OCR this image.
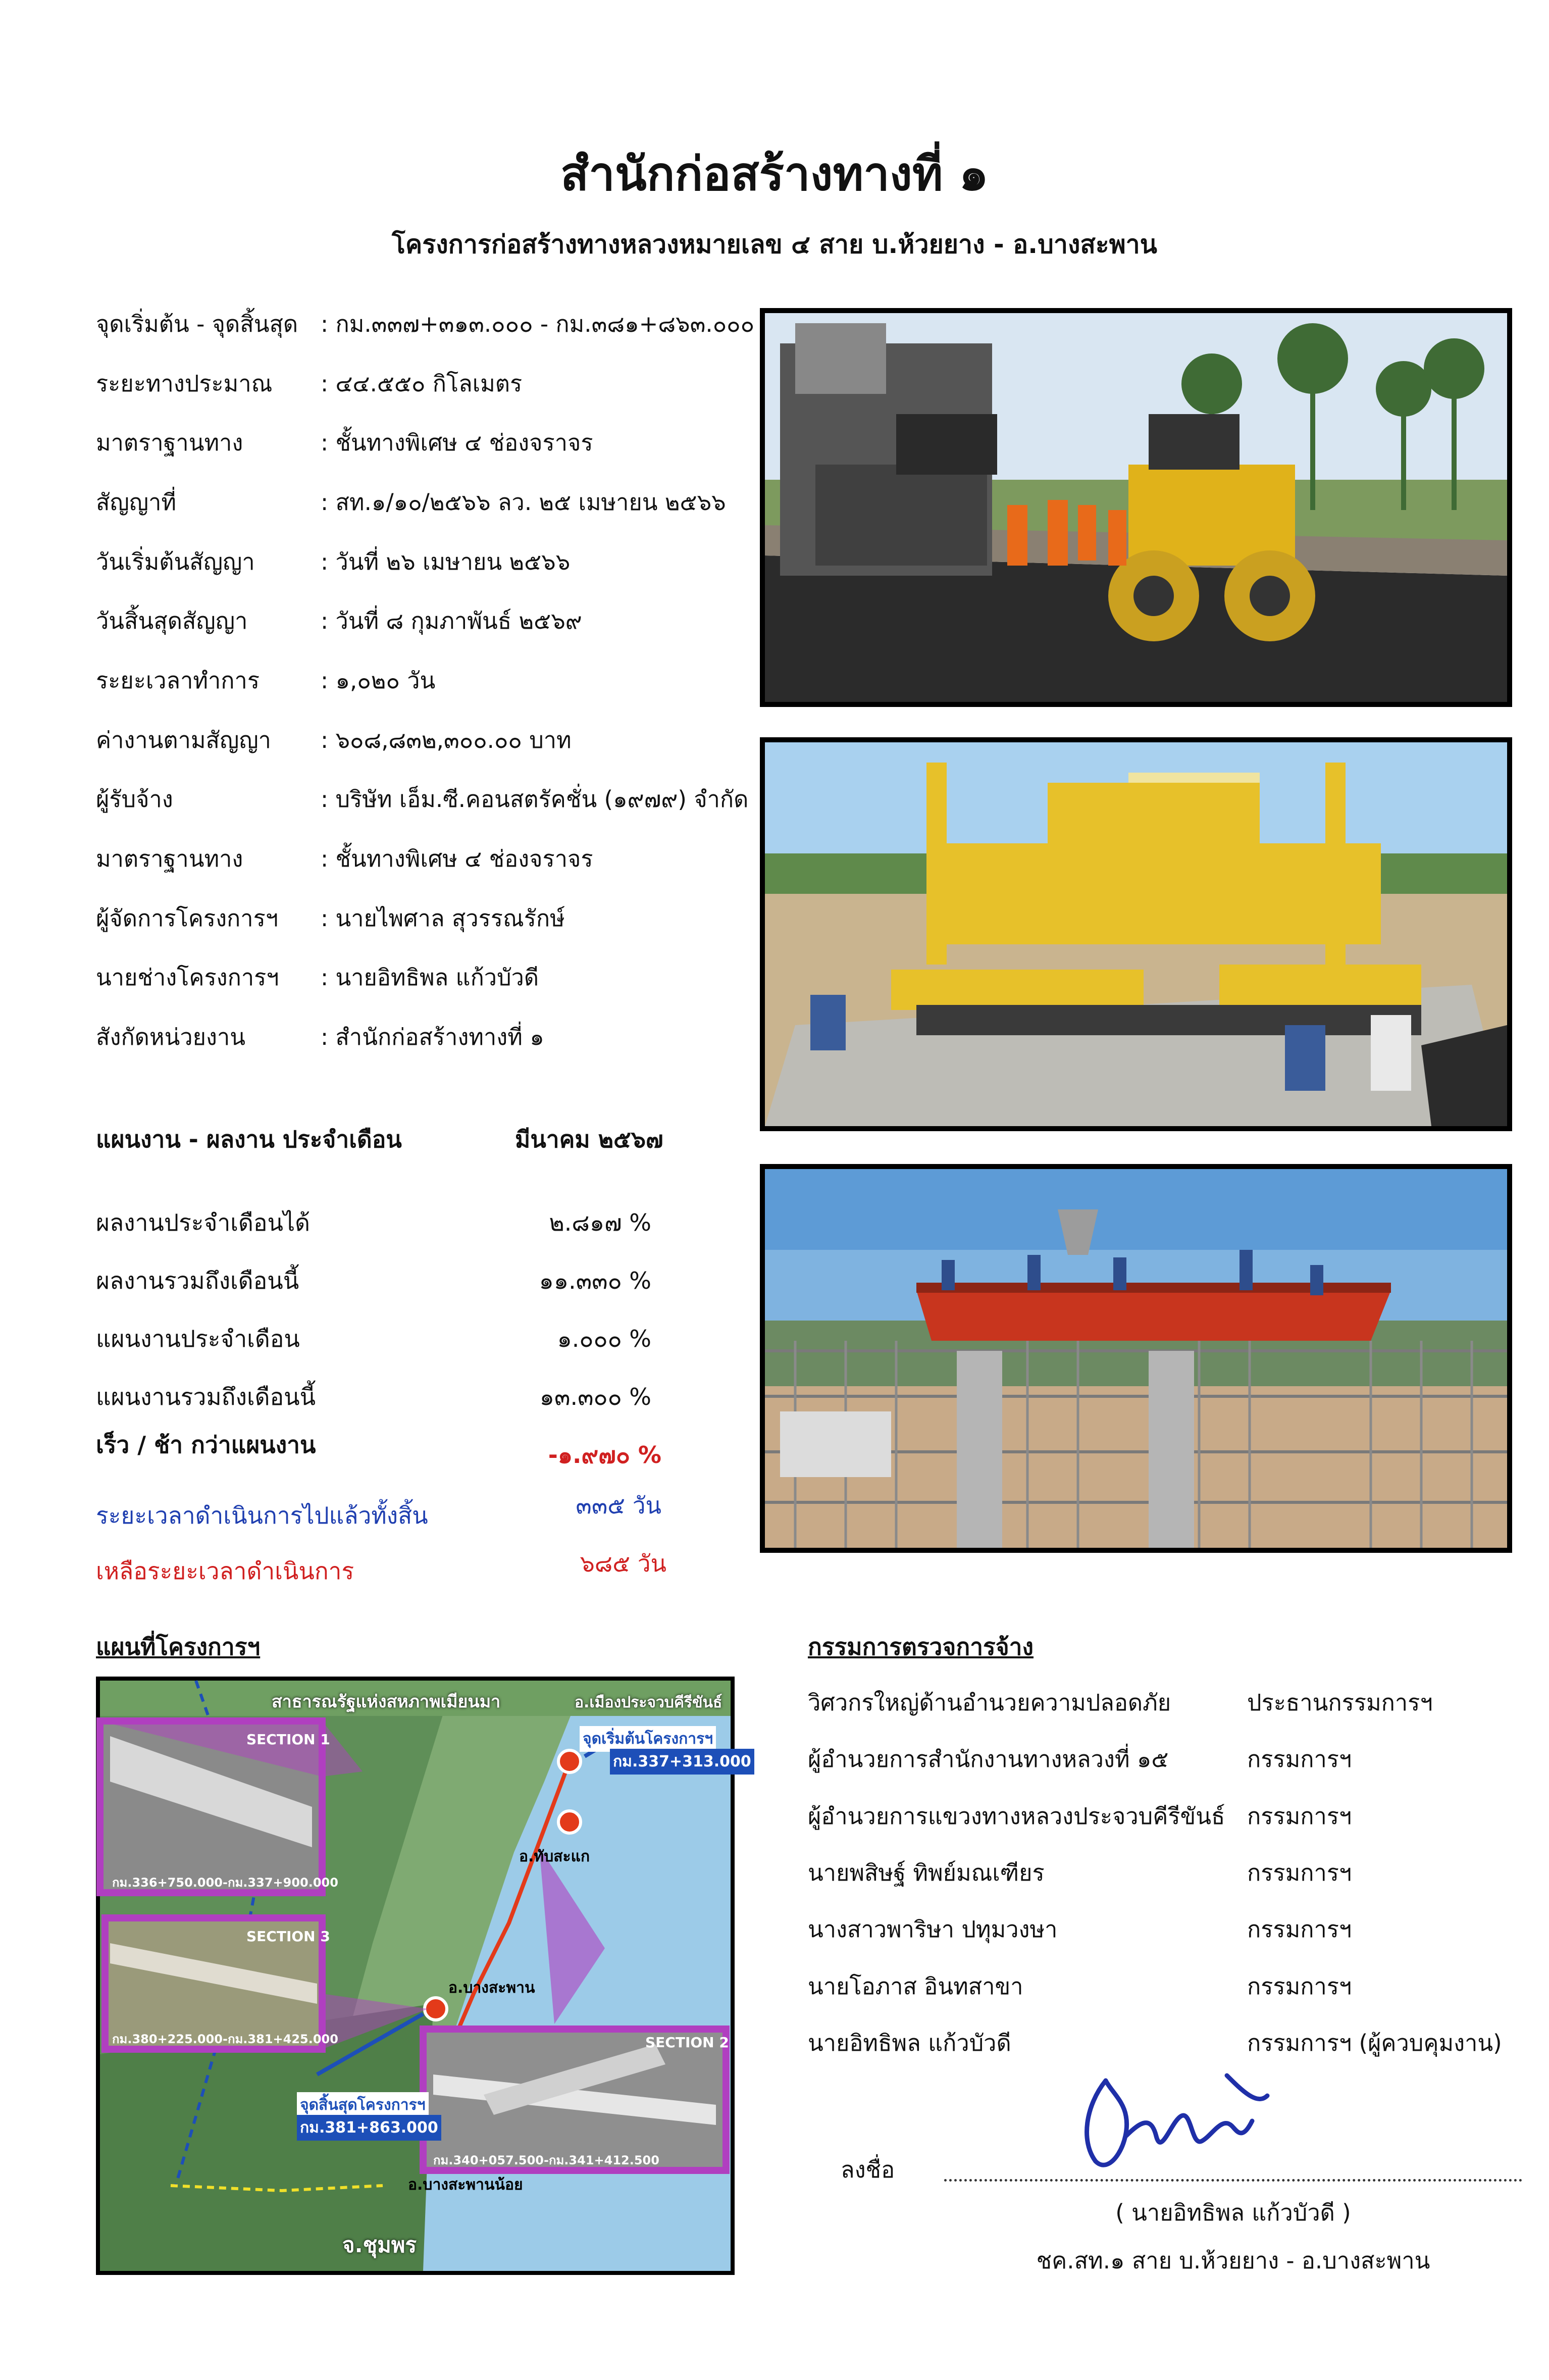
สำนักก่อสร้างทางที่ ๑
โครงการก่อสร้างทางหลวงหมายเลข ๔ สาย บ.ห้วยยาง - อ.บางสะพาน
จุดเริ่มต้น - จุดสิ้นสุด : กม.๓๓๗+๓๑๓.๐๐๐ - กม.๓๘๑+๘๖๓.๐๐๐
ระยะทางประมาณ : ๔๔.๕๕๐ กิโลเมตร
มาตราฐานทาง	: ชั้นทางพิเศษ ๔ ช่องจราจร
สัญญาที่	: สท.๑/๑๐/๒๕๖๖ ลว. ๒๕ เมษายน ๒๕๖๖
วันเริ่มต้นสัญญา	: วันที่ ๒๖ เมษายน ๒๕๖๖
วันสิ้นสุดสัญญา	: วันที่ ๘ กุมภาพันธ์ ๒๕๖๙
ระยะเวลาทำการ	: ๑,๐๒๐ วัน
ค่างานตามสัญญา : ๖๐๘,๘๓๒,๓๐๐.๐๐ บาท
ผู้รับจ้าง	: บริษัท เอ็ม.ซี.คอนสตรัคชั่น (๑๙๗๙) จำกัด
มาตราฐานทาง	: ชั้นทางพิเศษ ๔ ช่องจราจร
ผู้จัดการโครงการฯ : นายไพศาล สุวรรณรักษ์
นายช่างโครงการฯ : นายอิทธิพล แก้วบัวดี
สังกัดหน่วยงาน	: สำนักก่อสร้างทางที่ ๑
แผนงาน - ผลงาน ประจำเดือน	มีนาคม ๒๕๖๗
ผลงานประจำเดือนได้	๒.๘๑๗ %
ผลงานรวมถึงเดือนนี้	๑๑.๓๓๐ %
แผนงานประจำเดือน	๑.๐๐๐ %
แผนงานรวมถึงเดือนนี้	๑๓.๓๐๐ %
เร็ว / ช้า กว่าแผนงาน	-๑.๙๗๐ %
ระยะเวลาดำเนินการไปแล้วทั้งสิ้น	๓๓๕ วัน
เหลือระยะเวลาดำเนินการ	๖๘๕ วัน
แผนที่โครงการฯ
สาธารณรัฐแห่งสหภาพเมียนมา	อ.เมืองประจวบคีรีขันธ์
จุดเริ่มต้นโครงการฯ
กม.337+313.000
อ.ทับสะแก
อ.บางสะพาน
อ.บางสะพานน้อย
จ.ชุมพร
จุดสิ้นสุดโครงการฯ
กม.381+863.000
SECTION 1
กม.336+750.000-กม.337+900.000
SECTION 3
กม.380+225.000-กม.381+425.000	SECTION 2
กม.340+057.500-กม.341+412.500
กรรมการตรวจการจ้าง
วิศวกรใหญ่ด้านอำนวยความปลอดภัย	ประธานกรรมการฯ
ผู้อำนวยการสำนักงานทางหลวงที่ ๑๕	กรรมการฯ
ผู้อำนวยการแขวงทางหลวงประจวบคีรีขันธ์ กรรมการฯ
นายพสิษฐ์ ทิพย์มณเฑียร	กรรมการฯ
นางสาวพาริษา ปทุมวงษา	กรรมการฯ
นายโอภาส อินทสาขา	กรรมการฯ
นายอิทธิพล แก้วบัวดี	กรรมการฯ (ผู้ควบคุมงาน)
ลงชื่อ
( นายอิทธิพล แก้วบัวดี )
ชค.สท.๑ สาย บ.ห้วยยาง - อ.บางสะพาน
